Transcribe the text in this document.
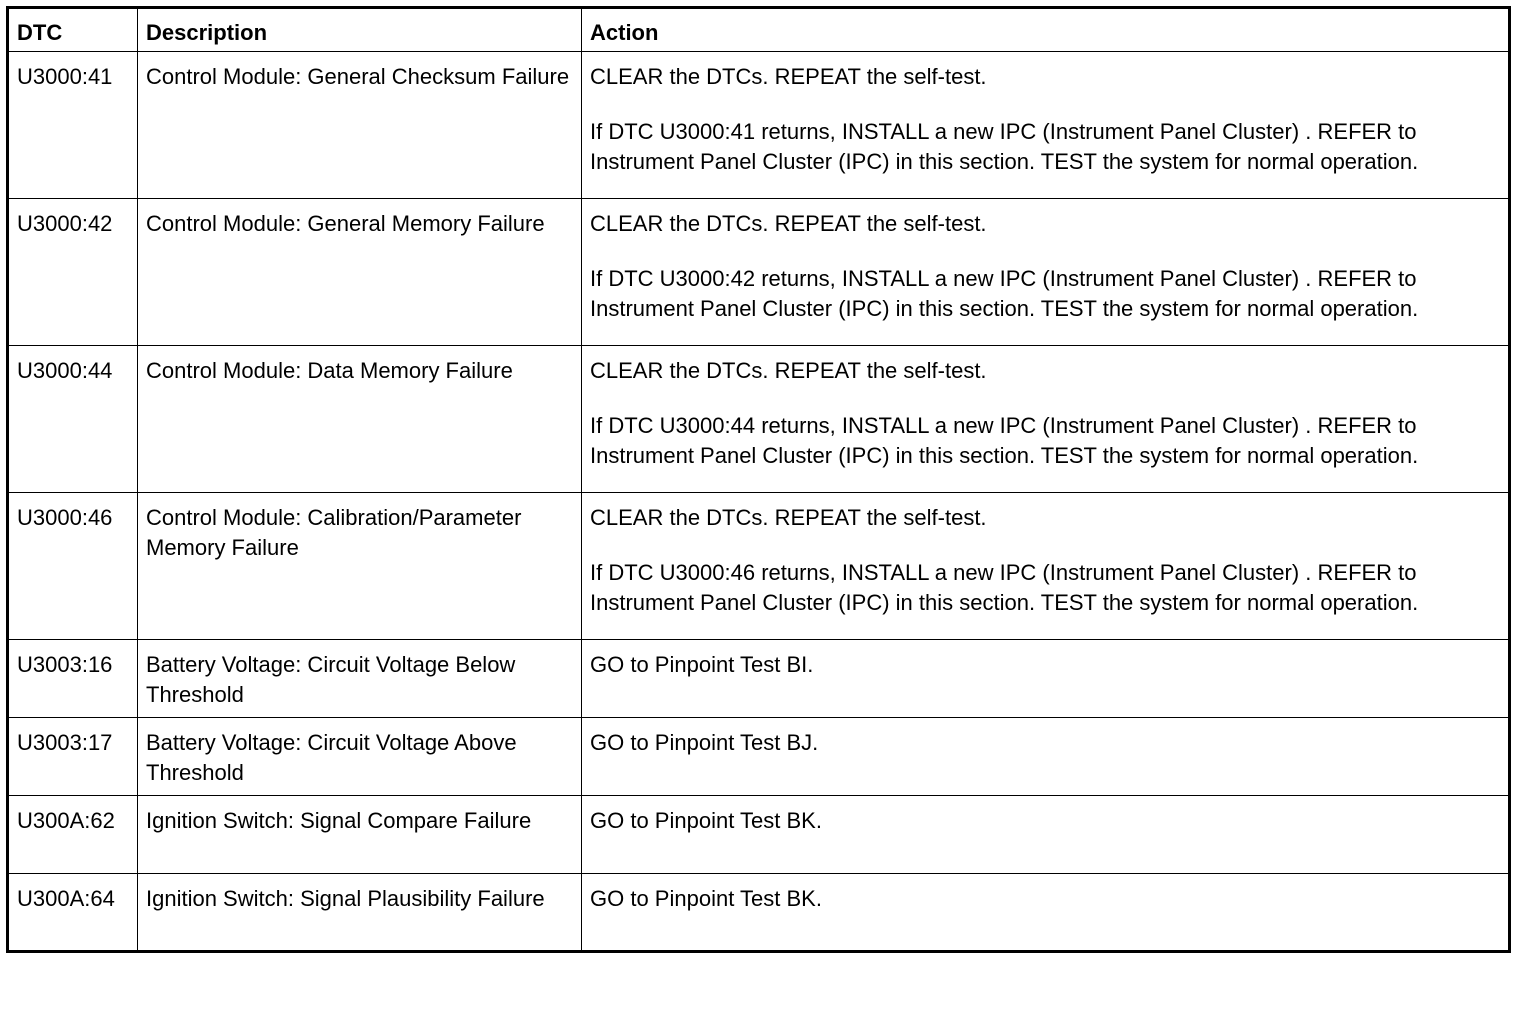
DTC	Description	Action
U3000:41	Control Module: General Checksum Failure	CLEAR the DTCs. REPEAT the self-test.

If DTC U3000:41 returns, INSTALL a new IPC (Instrument Panel Cluster) . REFER to Instrument Panel Cluster (IPC) in this section. TEST the system for normal operation.

U3000:42	Control Module: General Memory Failure	CLEAR the DTCs. REPEAT the self-test.

If DTC U3000:42 returns, INSTALL a new IPC (Instrument Panel Cluster) . REFER to Instrument Panel Cluster (IPC) in this section. TEST the system for normal operation.

U3000:44	Control Module: Data Memory Failure	CLEAR the DTCs. REPEAT the self-test.

If DTC U3000:44 returns, INSTALL a new IPC (Instrument Panel Cluster) . REFER to Instrument Panel Cluster (IPC) in this section. TEST the system for normal operation.

U3000:46	Control Module: Calibration/Parameter Memory Failure	CLEAR the DTCs. REPEAT the self-test.

If DTC U3000:46 returns, INSTALL a new IPC (Instrument Panel Cluster) . REFER to Instrument Panel Cluster (IPC) in this section. TEST the system for normal operation.

U3003:16	Battery Voltage: Circuit Voltage Below Threshold	GO to Pinpoint Test BI.

U3003:17	Battery Voltage: Circuit Voltage Above Threshold	GO to Pinpoint Test BJ.

U300A:62	Ignition Switch: Signal Compare Failure	GO to Pinpoint Test BK.

U300A:64	Ignition Switch: Signal Plausibility Failure	GO to Pinpoint Test BK.
